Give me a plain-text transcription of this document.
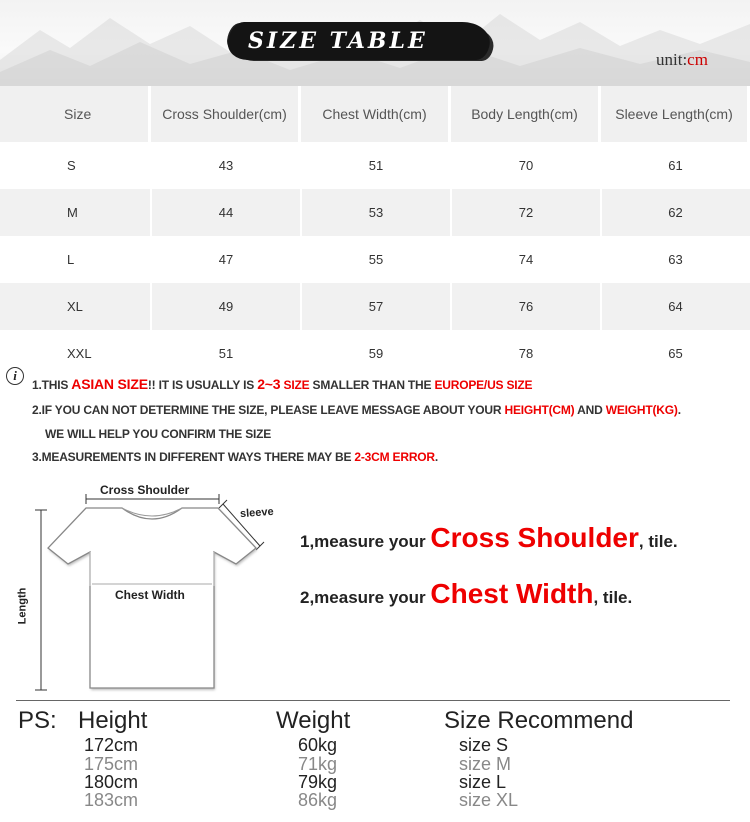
SIZE TABLE
unit:cm
Size	Cross Shoulder(cm)	Chest Width(cm)	Body Length(cm)	Sleeve Length(cm)
S	43	51	70	61
M	44	53	72	62
L	47	55	74	63
XL	49	57	76	64
XXL	51	59	78	65
i
1.THIS ASIAN SIZE!! IT IS USUALLY IS 2~3 SIZE SMALLER THAN THE EUROPE/US SIZE
2.IF YOU CAN NOT DETERMINE THE SIZE, PLEASE LEAVE MESSAGE ABOUT YOUR HEIGHT(CM) AND WEIGHT(KG).
WE WILL HELP YOU CONFIRM THE SIZE
3.MEASUREMENTS IN DIFFERENT WAYS THERE MAY BE 2-3CM ERROR.
Cross Shoulder
sleeve
Chest Width
Length
1,measure your Cross Shoulder, tile.
2,measure your Chest Width, tile.
PS: Height	Weight	Size Recommend
172cm	60kg	size S
175cm	71kg	size M
180cm	79kg	size L
183cm	86kg	size XL
